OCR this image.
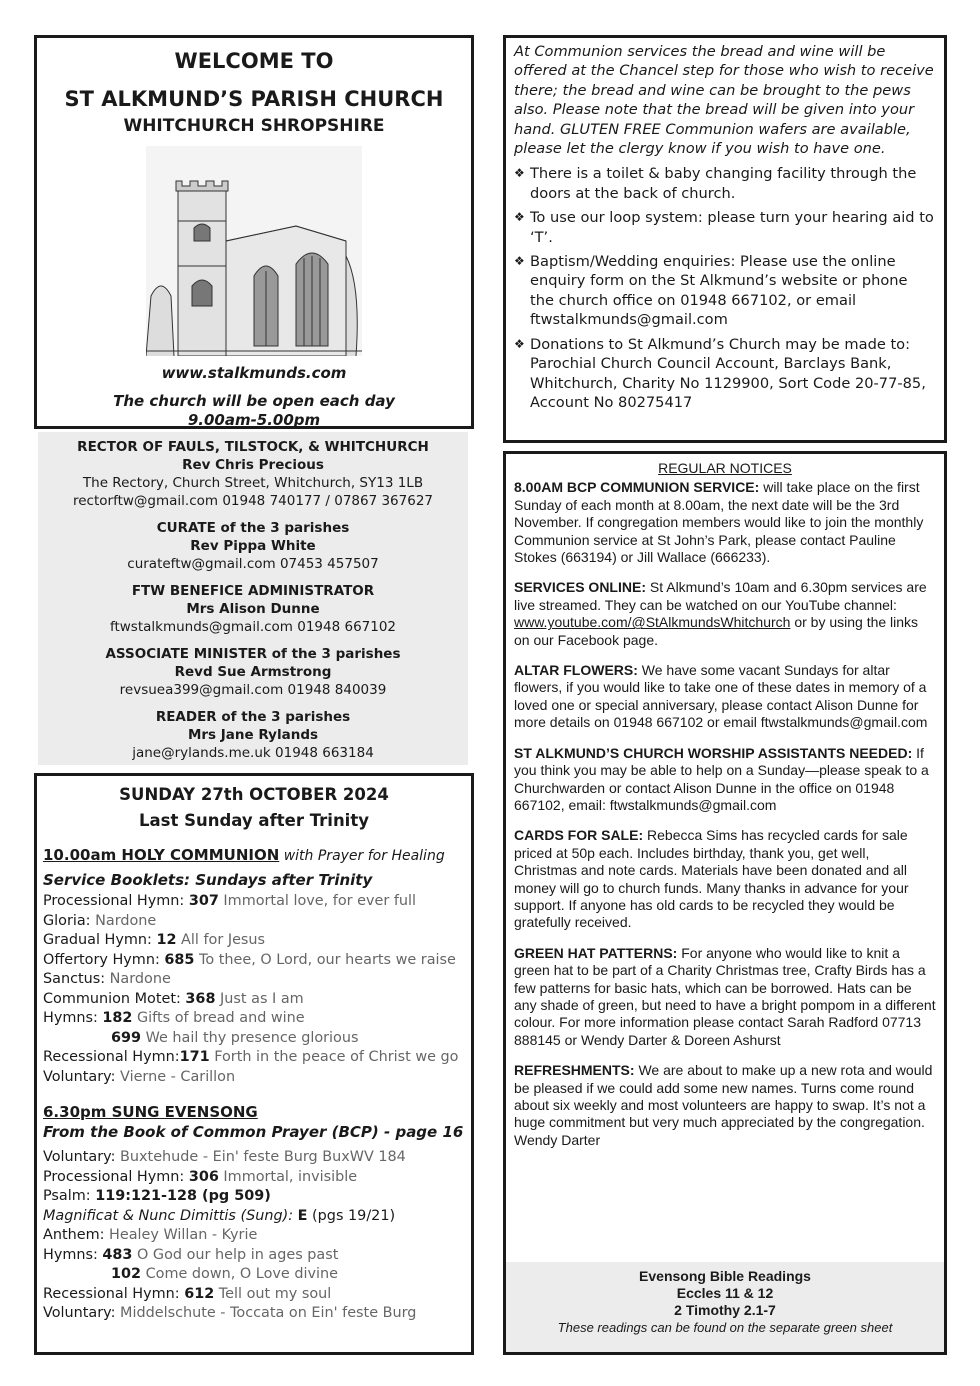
WELCOME TO
ST ALKMUND’S PARISH CHURCH
WHITCHURCH SHROPSHIRE
www.stalkmunds.com
The church will be open each day
9.00am-5.00pm
RECTOR OF FAULS, TILSTOCK, & WHITCHURCH
Rev Chris Precious
The Rectory, Church Street, Whitchurch, SY13 1LB
rectorftw@gmail.com 01948 740177 / 07867 367627
CURATE of the 3 parishes
Rev Pippa White
curateftw@gmail.com 07453 457507
FTW BENEFICE ADMINISTRATOR
Mrs Alison Dunne
ftwstalkmunds@gmail.com 01948 667102
ASSOCIATE MINISTER of the 3 parishes
Revd Sue Armstrong
revsuea399@gmail.com 01948 840039
READER of the 3 parishes
Mrs Jane Rylands
jane@rylands.me.uk 01948 663184
SUNDAY 27th OCTOBER 2024
Last Sunday after Trinity
10.00am HOLY COMMUNION with Prayer for Healing
Service Booklets: Sundays after Trinity
Processional Hymn: 307 Immortal love, for ever full
Gloria: Nardone
Gradual Hymn: 12 All for Jesus
Offertory Hymn: 685 To thee, O Lord, our hearts we raise
Sanctus: Nardone
Communion Motet: 368 Just as I am
Hymns: 182 Gifts of bread and wine
699 We hail thy presence glorious
Recessional Hymn:171 Forth in the peace of Christ we go
Voluntary: Vierne - Carillon
6.30pm SUNG EVENSONG
From the Book of Common Prayer (BCP) - page 16
Voluntary: Buxtehude - Ein' feste Burg BuxWV 184
Processional Hymn: 306 Immortal, invisible
Psalm: 119:121-128 (pg 509)
Magnificat & Nunc Dimittis (Sung): E (pgs 19/21)
Anthem: Healey Willan - Kyrie
Hymns: 483 O God our help in ages past
102 Come down, O Love divine
Recessional Hymn: 612 Tell out my soul
Voluntary: Middelschute - Toccata on Ein' feste Burg
At Communion services the bread and wine will be offered at the Chancel step for those who wish to receive there; the bread and wine can be brought to the pews also. Please note that the bread will be given into your hand. GLUTEN FREE Communion wafers are available, please let the clergy know if you wish to have one.
❖ There is a toilet & baby changing facility through the doors at the back of church.
❖ To use our loop system: please turn your hearing aid to ‘T’.
❖ Baptism/Wedding enquiries: Please use the online enquiry form on the St Alkmund’s website or phone the church office on 01948 667102, or email ftwstalkmunds@gmail.com
❖ Donations to St Alkmund’s Church may be made to: Parochial Church Council Account, Barclays Bank, Whitchurch, Charity No 1129900, Sort Code 20-77-85, Account No 80275417
REGULAR NOTICES
8.00AM BCP COMMUNION SERVICE: will take place on the first Sunday of each month at 8.00am, the next date will be the 3rd November. If congregation members would like to join the monthly Communion service at St John’s Park, please contact Pauline Stokes (663194) or Jill Wallace (666233).
SERVICES ONLINE: St Alkmund’s 10am and 6.30pm services are live streamed. They can be watched on our YouTube channel:
www.youtube.com/@StAlkmundsWhitchurch or by using the links on our Facebook page.
ALTAR FLOWERS: We have some vacant Sundays for altar flowers, if you would like to take one of these dates in memory of a loved one or special anniversary, please contact Alison Dunne for more details on 01948 667102 or email ftwstalkmunds@gmail.com
ST ALKMUND’S CHURCH WORSHIP ASSISTANTS NEEDED: If you think you may be able to help on a Sunday—please speak to a Churchwarden or contact Alison Dunne in the office on 01948 667102, email: ftwstalkmunds@gmail.com
CARDS FOR SALE: Rebecca Sims has recycled cards for sale priced at 50p each. Includes birthday, thank you, get well, Christmas and note cards. Materials have been donated and all money will go to church funds. Many thanks in advance for your support. If anyone has old cards to be recycled they would be gratefully received.
GREEN HAT PATTERNS: For anyone who would like to knit a green hat to be part of a Charity Christmas tree, Crafty Birds has a few patterns for basic hats, which can be borrowed. Hats can be any shade of green, but need to have a bright pompom in a different colour. For more information please contact Sarah Radford 07713 888145 or Wendy Darter & Doreen Ashurst
REFRESHMENTS: We are about to make up a new rota and would be pleased if we could add some new names. Turns come round about six weekly and most volunteers are happy to swap. It’s not a huge commitment but very much appreciated by the congregation. Wendy Darter
Evensong Bible Readings
Eccles 11 & 12
2 Timothy 2.1-7
These readings can be found on the separate green sheet
